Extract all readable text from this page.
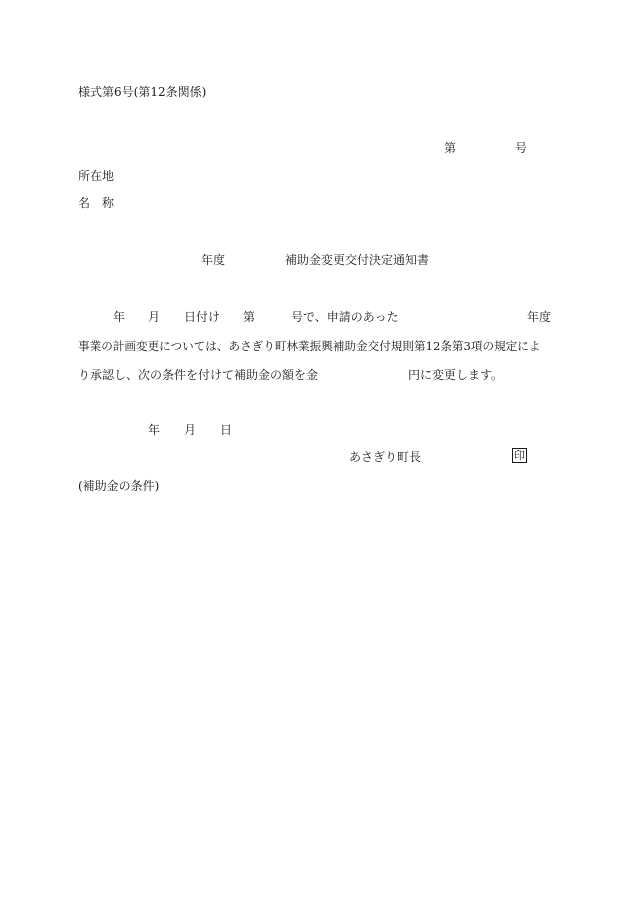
様式第6号(第12条関係)
第	号
所在地
名　称
年度	補助金変更交付決定通知書
年 月 日付け 第	号で、申請のあった	年度
事業の計画変更については、あさぎり町林業振興補助金交付規則第12条第3項の規定によ
り承認し、次の条件を付けて補助金の額を金	円に変更します。
年 月 日
あさぎり町長	印
(補助金の条件)
